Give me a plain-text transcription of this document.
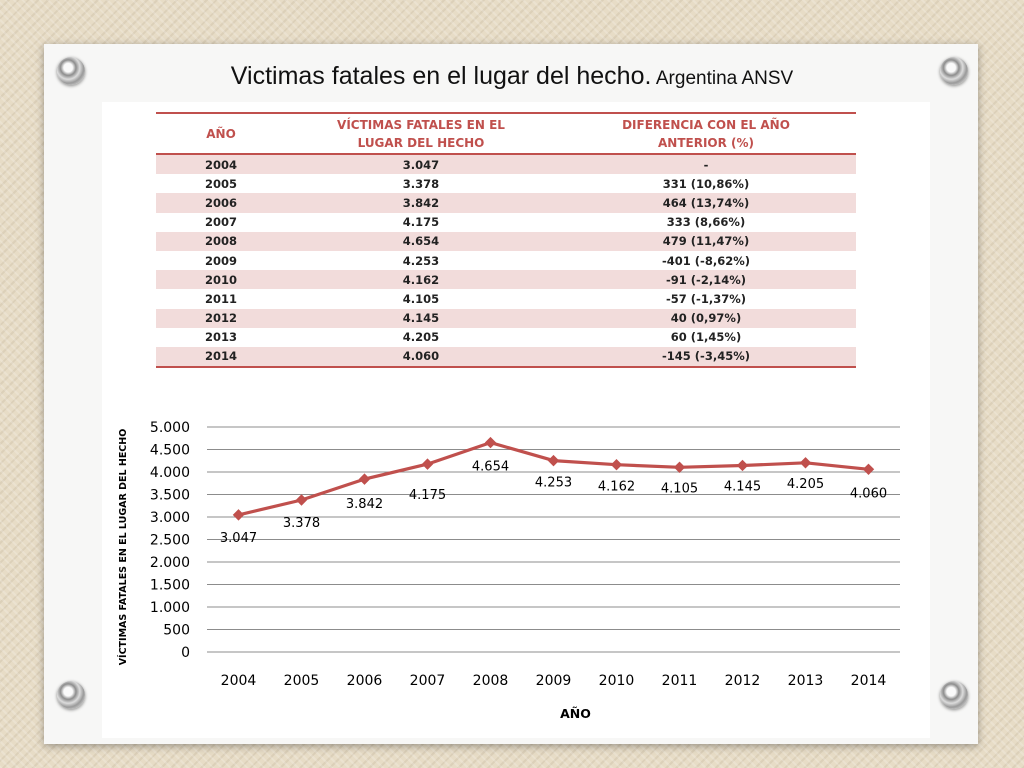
Victimas fatales en el lugar del hecho. Argentina ANSV
AÑO	VÍCTIMAS FATALES EN EL LUGAR DEL HECHO	DIFERENCIA CON EL AÑO ANTERIOR (%)
2004	3.047	-
2005	3.378	331 (10,86%)
2006	3.842	464 (13,74%)
2007	4.175	333 (8,66%)
2008	4.654	479 (11,47%)
2009	4.253	-401 (-8,62%)
2010	4.162	-91 (-2,14%)
2011	4.105	-57 (-1,37%)
2012	4.145	40 (0,97%)
2013	4.205	60 (1,45%)
2014	4.060	-145 (-3,45%)
0
500
1.000
1.500
2.000
2.500
3.000
3.500
4.000
4.500
5.000
2004 2005 2006 2007 2008 2009 2010 2011 2012 2013 2014
AÑO
VÍCTIMAS FATALES EN EL LUGAR DEL HECHO	3.047
3.378
3.842
4.175
4.654
4.253 4.162 4.105 4.145 4.205
4.060
